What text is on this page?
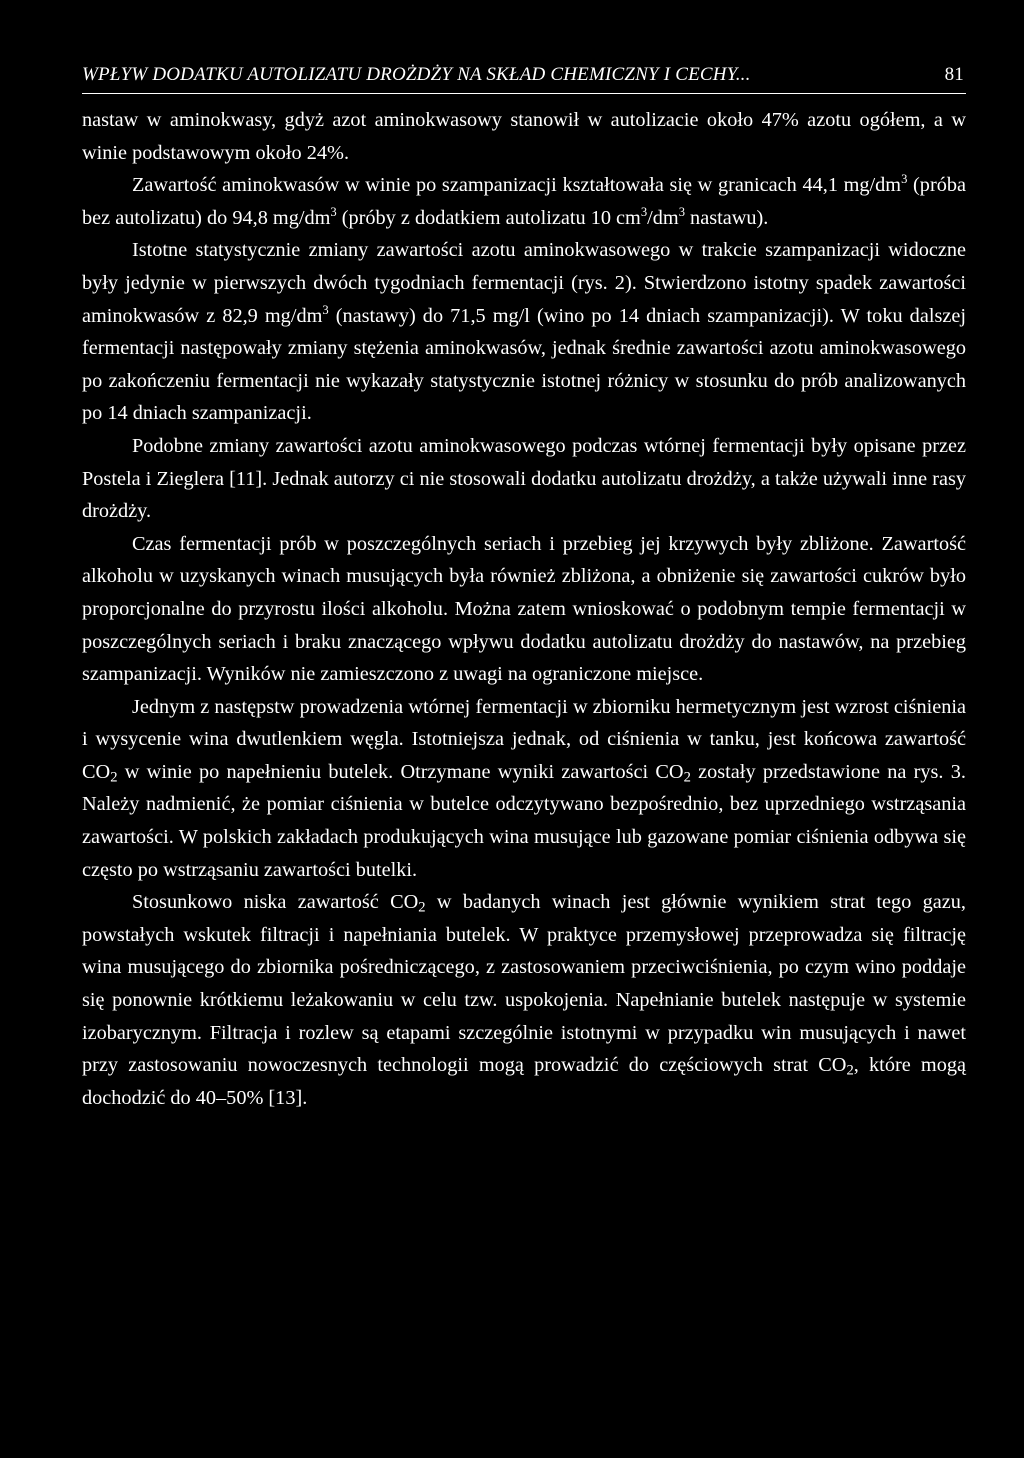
WPŁYW DODATKU AUTOLIZATU DROŻDŻY NA SKŁAD CHEMICZNY I CECHY...	81

nastaw w aminokwasy, gdyż azot aminokwasowy stanowił w autolizacie około 47% azotu ogółem, a w winie podstawowym około 24%.

Zawartość aminokwasów w winie po szampanizacji kształtowała się w granicach 44,1 $mg/dm^3$ (próba bez autolizatu) do 94,8 $mg/dm^3$ (próby z dodatkiem autolizatu 10 $cm^3/dm^3$ nastawu).

Istotne statystycznie zmiany zawartości azotu aminokwasowego w trakcie szampanizacji widoczne były jedynie w pierwszych dwóch tygodniach fermentacji (rys. 2). Stwierdzono istotny spadek zawartości aminokwasów z 82,9 $mg/dm^3$ (nastawy) do 71,5 mg/l (wino po 14 dniach szampanizacji). W toku dalszej fermentacji następowały zmiany stężenia aminokwasów, jednak średnie zawartości azotu aminokwasowego po zakończeniu fermentacji nie wykazały statystycznie istotnej różnicy w stosunku do prób analizowanych po 14 dniach szampanizacji.

Podobne zmiany zawartości azotu aminokwasowego podczas wtórnej fermentacji były opisane przez Postela i Zieglera [11]. Jednak autorzy ci nie stosowali dodatku autolizatu drożdży, a także używali inne rasy drożdży.

Czas fermentacji prób w poszczególnych seriach i przebieg jej krzywych były zbliżone. Zawartość alkoholu w uzyskanych winach musujących była również zbliżona, a obniżenie się zawartości cukrów było proporcjonalne do przyrostu ilości alkoholu. Można zatem wnioskować o podobnym tempie fermentacji w poszczególnych seriach i braku znaczącego wpływu dodatku autolizatu drożdży do nastawów, na przebieg szampanizacji. Wyników nie zamieszczono z uwagi na ograniczone miejsce.

Jednym z następstw prowadzenia wtórnej fermentacji w zbiorniku hermetycznym jest wzrost ciśnienia i wysycenie wina dwutlenkiem węgla. Istotniejsza jednak, od ciśnienia w tanku, jest końcowa zawartość $CO_2$ w winie po napełnieniu butelek. Otrzymane wyniki zawartości $CO_2$ zostały przedstawione na rys. 3. Należy nadmienić, że pomiar ciśnienia w butelce odczytywano bezpośrednio, bez uprzedniego wstrząsania zawartości. W polskich zakładach produkujących wina musujące lub gazowane pomiar ciśnienia odbywa się często po wstrząsaniu zawartości butelki.

Stosunkowo niska zawartość $CO_2$ w badanych winach jest głównie wynikiem strat tego gazu, powstałych wskutek filtracji i napełniania butelek. W praktyce przemysłowej przeprowadza się filtrację wina musującego do zbiornika pośredniczącego, z zastosowaniem przeciwciśnienia, po czym wino poddaje się ponownie krótkiemu leżakowaniu w celu tzw. uspokojenia. Napełnianie butelek następuje w systemie izobarycznym. Filtracja i rozlew są etapami szczególnie istotnymi w przypadku win musujących i nawet przy zastosowaniu nowoczesnych technologii mogą prowadzić do częściowych strat $CO_2$, które mogą dochodzić do 40–50% [13].
